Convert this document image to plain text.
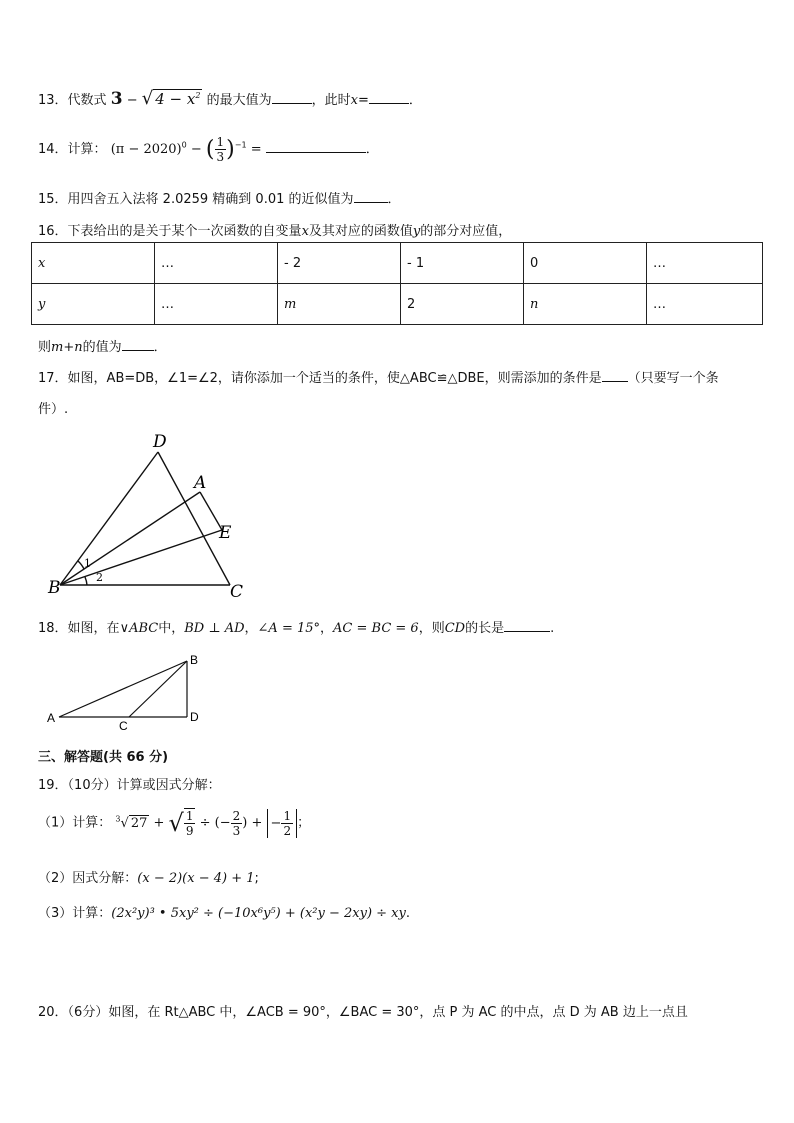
13．代数式 3 − √ $4 - x^2$ 的最大值为	，此时x=	．
14．计算： $(\pi - 2020)^0$ − ( $\frac{1}{3} )^{-1}$ =	．
15．用四舍五入法将 2.0259 精确到 0.01 的近似值为	．
16．下表给出的是关于某个一次函数的自变量x及其对应的函数值y的部分对应值，
x	…	- 2	- 1	0	…
y	…	m	2	n	…
则m+n的值为 ．
17．如图，AB=DB，∠1=∠2，请你添加一个适当的条件，使△ABC≌△DBE，则需添加的条件是 （只要写一个条
件）.
D
A
E
B	C
1
2
18．如图，在∨ABC中，BD ⊥ AD，∠A = 15°，AC = BC = 6，则CD的长是	.
A
B
C
D
三、解答题(共 66 分)
19．（10分）计算或因式分解：
（1）计算： $^3$√ 27 + √ $\frac{1}{9}$ ÷ (− $\frac{2}{3}$ ) + − $\frac{1}{2}$ ；
（2）因式分解：(x − 2)(x − 4) + 1;
（3）计算：(2x²y)³ • 5xy² ÷ (−10x⁶y⁵) + (x²y − 2xy) ÷ xy.
20．（6分）如图，在 Rt△ABC 中，∠ACB = 90°，∠BAC = 30°，点 P 为 AC 的中点，点 D 为 AB 边上一点且
